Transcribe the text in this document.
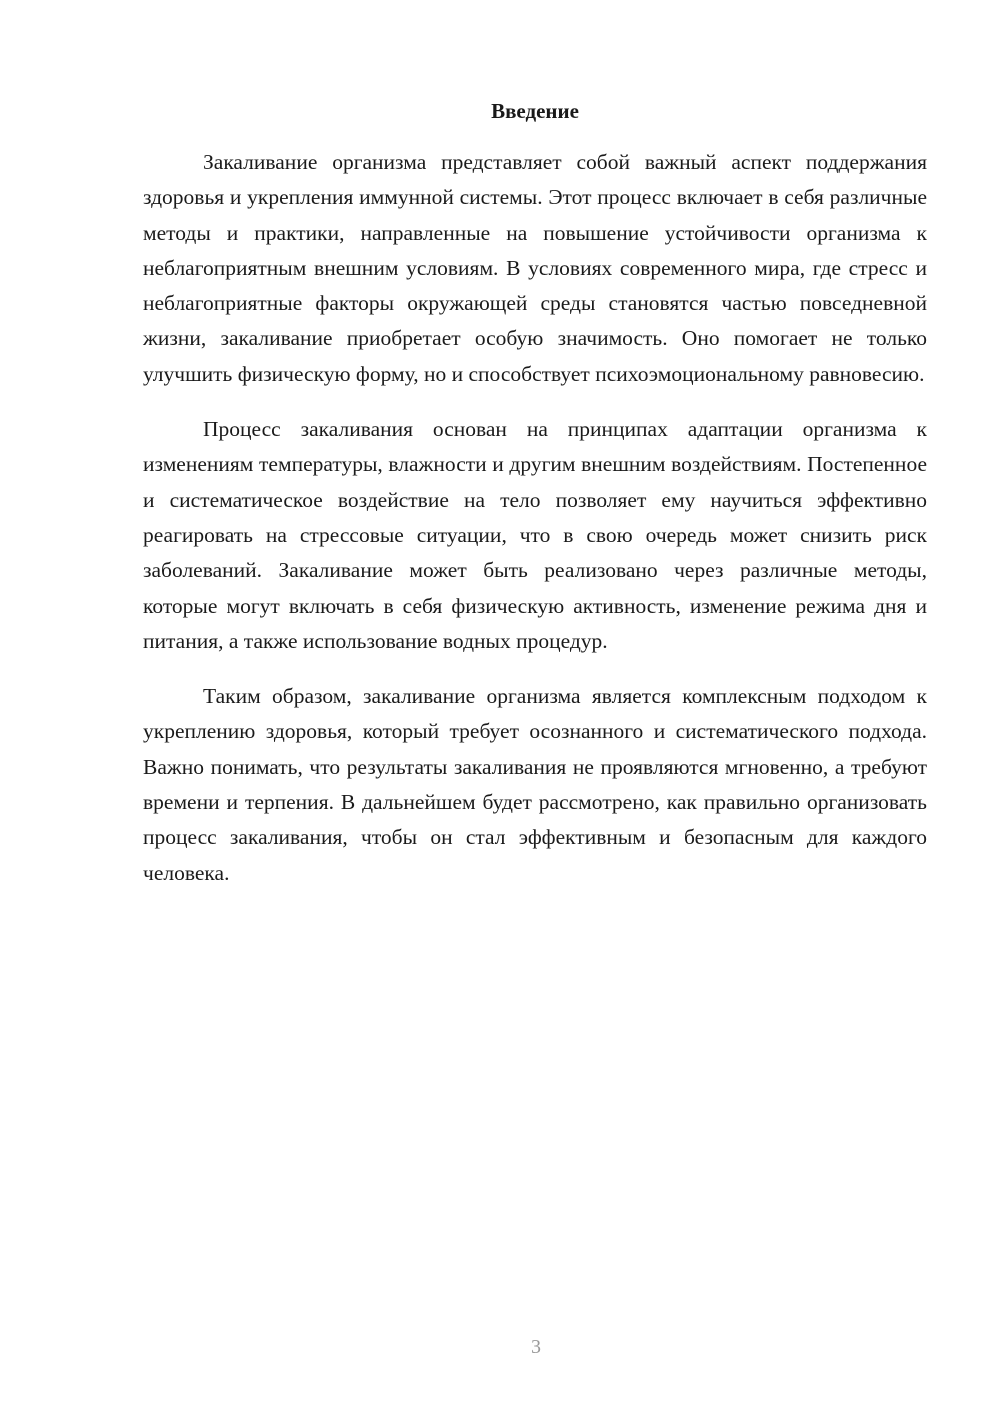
Введение

Закаливание организма представляет собой важный аспект поддержания здоровья и укрепления иммунной системы. Этот процесс включает в себя различные методы и практики, направленные на повышение устойчивости организма к неблагоприятным внешним условиям. В условиях современного мира, где стресс и неблагоприятные факторы окружающей среды становятся частью повседневной жизни, закаливание приобретает особую значимость. Оно помогает не только улучшить физическую форму, но и способствует психоэмоциональному равновесию.

Процесс закаливания основан на принципах адаптации организма к изменениям температуры, влажности и другим внешним воздействиям. Постепенное и систематическое воздействие на тело позволяет ему научиться эффективно реагировать на стрессовые ситуации, что в свою очередь может снизить риск заболеваний. Закаливание может быть реализовано через различные методы, которые могут включать в себя физическую активность, изменение режима дня и питания, а также использование водных процедур.

Таким образом, закаливание организма является комплексным подходом к укреплению здоровья, который требует осознанного и систематического подхода. Важно понимать, что результаты закаливания не проявляются мгновенно, а требуют времени и терпения. В дальнейшем будет рассмотрено, как правильно организовать процесс закаливания, чтобы он стал эффективным и безопасным для каждого человека.

3
